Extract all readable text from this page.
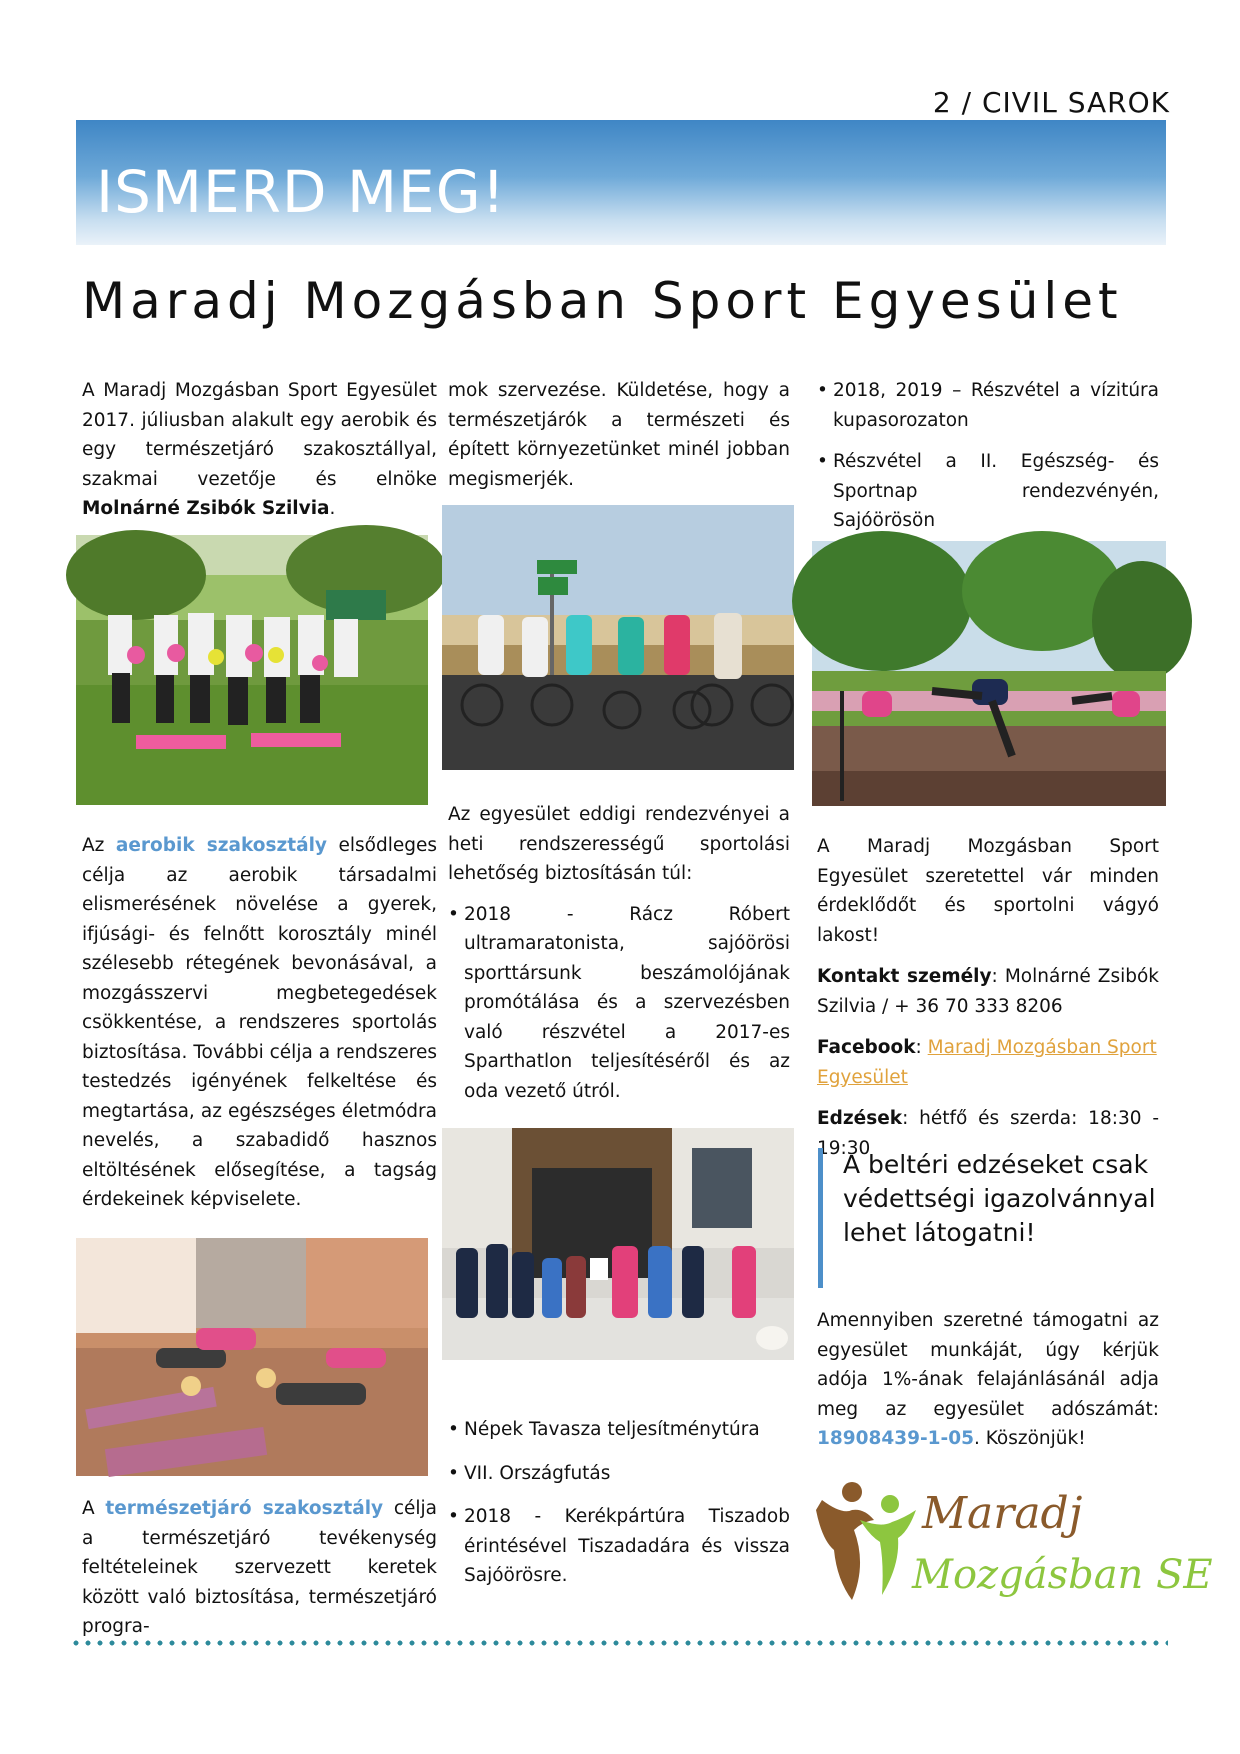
2 / CIVIL SAROK
ISMERD MEG!
Maradj Mozgásban Sport Egyesület

A Maradj Mozgásban Sport Egyesület 2017. júliusban alakult egy aerobik és egy természetjáró szakosztállyal, szakmai vezetője és elnöke Molnárné Zsibók Szilvia.

Az aerobik szakosztály elsődleges célja az aerobik társadalmi elismerésének növelése a gyerek, ifjúsági- és felnőtt korosztály minél szélesebb rétegének bevonásával, a mozgásszervi megbetegedések csökkentése, a rendszeres sportolás biztosítása. További célja a rendszeres testedzés igényének felkeltése és megtartása, az egészséges életmódra nevelés, a szabadidő hasznos eltöltésének elősegítése, a tagság érdekeinek képviselete.

A természetjáró szakosztály célja a természetjáró tevékenység feltételeinek szervezett keretek között való biztosítása, természetjáró progra-

mok szervezése. Küldetése, hogy a természetjárók a természeti és épített környezetünket minél jobban megismerjék.

Az egyesület eddigi rendezvényei a heti rendszerességű sportolási lehetőség biztosításán túl:

• 2018 - Rácz Róbert ultramaratonista, sajóörösi sporttársunk beszámolójának promótálása és a szervezésben való részvétel a 2017-es Sparthatlon teljesítéséről és az oda vezető útról.

• Népek Tavasza teljesítménytúra

• VII. Országfutás

• 2018 - Kerékpártúra Tiszadob érintésével Tiszadadára és vissza Sajóörösre.

• 2018, 2019 – Részvétel a vízitúra kupasorozaton

• Részvétel a II. Egészség- és Sportnap rendezvényén, Sajóörösön

A Maradj Mozgásban Sport Egyesület szeretettel vár minden érdeklődőt és sportolni vágyó lakost!

Kontakt személy: Molnárné Zsibók Szilvia / + 36 70 333 8206

Facebook: Maradj Mozgásban Sport Egyesület

Edzések: hétfő és szerda: 18:30 - 19:30

A beltéri edzéseket csak védettségi igazolvánnyal lehet látogatni!

Amennyiben szeretné támogatni az egyesület munkáját, úgy kérjük adója 1%-ának felajánlásánál adja meg az egyesület adószámát: 18908439-1-05. Köszönjük!

Maradj
Mozgásban SE
